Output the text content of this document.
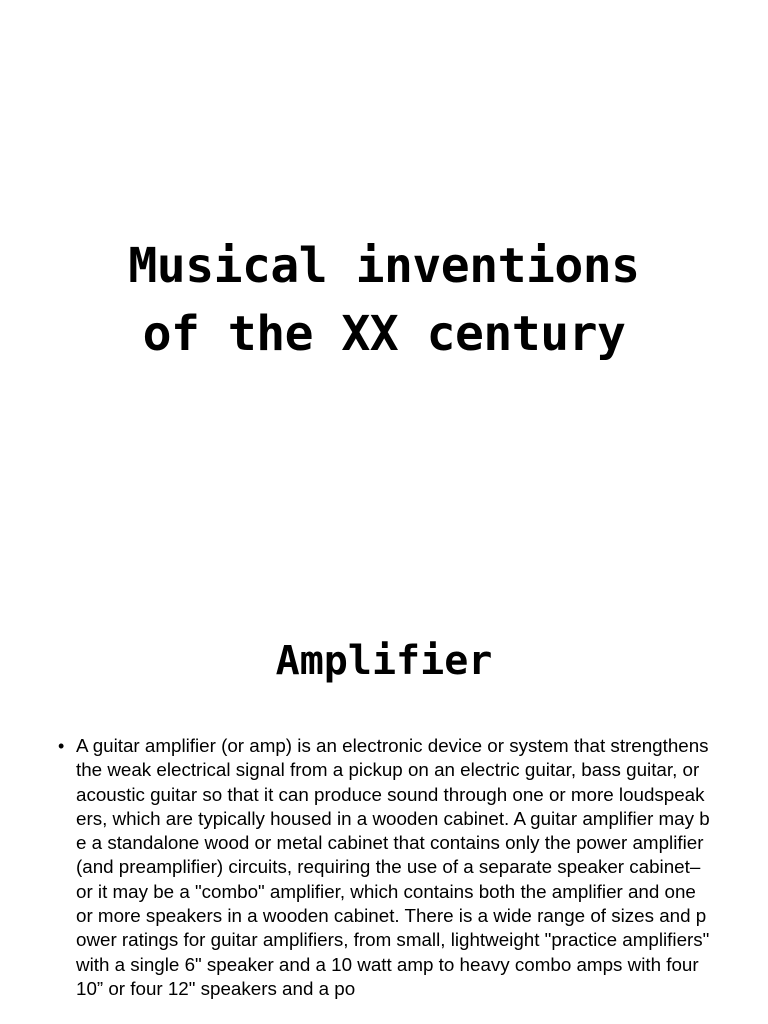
Musical inventions
of the XX century
Amplifier
• A guitar amplifier (or amp) is an electronic device or system that strengthens the weak electrical signal from a pickup on an electric guitar, bass guitar, or acoustic guitar so that it can produce sound through one or more loudspeakers, which are typically housed in a wooden cabinet. A guitar amplifier may be a standalone wood or metal cabinet that contains only the power amplifier (and preamplifier) circuits, requiring the use of a separate speaker cabinet–or it may be a "combo" amplifier, which contains both the amplifier and one or more speakers in a wooden cabinet. There is a wide range of sizes and power ratings for guitar amplifiers, from small, lightweight "practice amplifiers" with a single 6" speaker and a 10 watt amp to heavy combo amps with four 10” or four 12" speakers and a po
